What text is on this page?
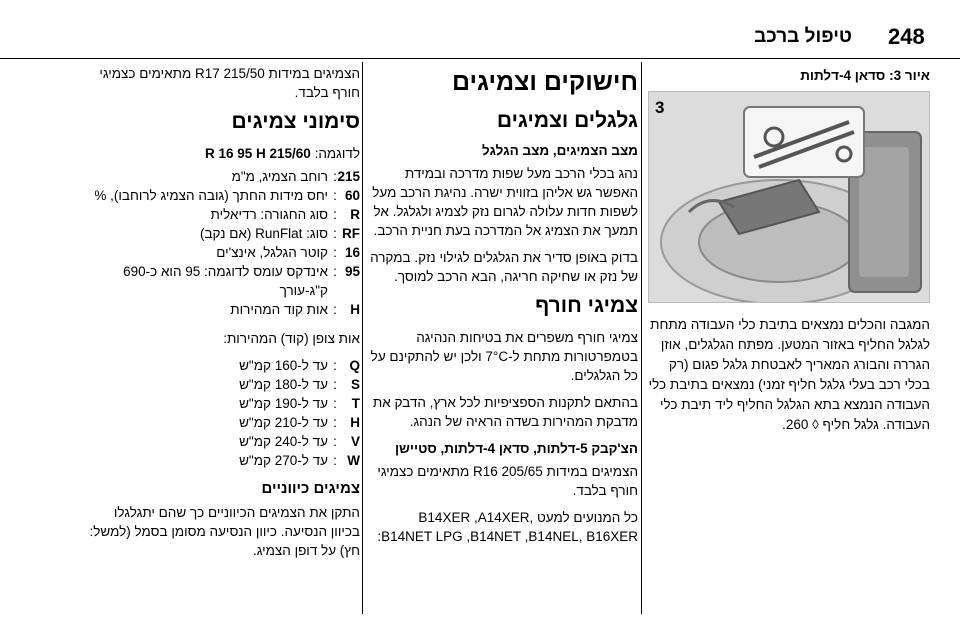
248
טיפול ברכב
איור 3: סדאן 4-דלתות
3
המגבה והכלים נמצאים בתיבת כלי העבודה מתחת לגלגל החליף באזור המטען. מפתח הגלגלים, אוזן הגררה והבורג המאריך לאבטחת גלגל פגום (רק בכלי רכב בעלי גלגל חליף זמני) נמצאים בתיבת כלי העבודה הנמצא בתא הגלגל החליף ליד תיבת כלי העבודה. גלגל חליף ◊ 260.
חישוקים וצמיגים
גלגלים וצמיגים
מצב הצמיגים, מצב הגלגל
נהג בכלי הרכב מעל שפות מדרכה ובמידת האפשר גש אליהן בזווית ישרה. נהיגת הרכב מעל לשפות חדות עלולה לגרום נזק לצמיג ולגלגל. אל תמעך את הצמיג אל המדרכה בעת חניית הרכב.
בדוק באופן סדיר את הגלגלים לגילוי נזק. במקרה של נזק או שחיקה חריגה, הבא הרכב למוסך.
צמיגי חורף
צמיגי חורף משפרים את בטיחות הנהיגה בטמפרטורות מתחת ל-7°C ולכן יש להתקינם על כל הגלגלים.
בהתאם לתקנות הספציפיות לכל ארץ, הדבק את מדבקת המהירות בשדה הראיה של הנהג.
הצ'קבק 5-דלתות, סדאן 4-דלתות, סטיישן
הצמיגים במידות R16 205/65 מתאימים כצמיגי חורף בלבד.
כל המנועים למעט B14XER ,A14XER, B14NET LPG ,B14NET ,B14NEL, B16XER:
הצמיגים במידות R17 215/50 מתאימים כצמיגי חורף בלבד.
סימוני צמיגים
לדוגמה: 215/60 R 16 95 H
215
:
רוחב הצמיג, מ"מ
60
:
יחס מידות החתך (גובה הצמיג לרוחבו), %
R
:
סוג החגורה: רדיאלית
RF
:
סוג: RunFlat (אם נקב)
16
:
קוטר הגלגל, אינצ'ים
95
:
אינדקס עומס לדוגמה: 95 הוא כ-690 ק"ג-עורך
H
:
אות קוד המהירות
אות צופן (קוד) המהירות:
Q
:
עד ל-160 קמ"ש
S
:
עד ל-180 קמ"ש
T
:
עד ל-190 קמ"ש
H
:
עד ל-210 קמ"ש
V
:
עד ל-240 קמ"ש
W
:
עד ל-270 קמ"ש
צמיגים כיווניים
התקן את הצמיגים הכיווניים כך שהם יתגלגלו בכיוון הנסיעה. כיוון הנסיעה מסומן בסמל (למשל: חץ) על דופן הצמיג.
